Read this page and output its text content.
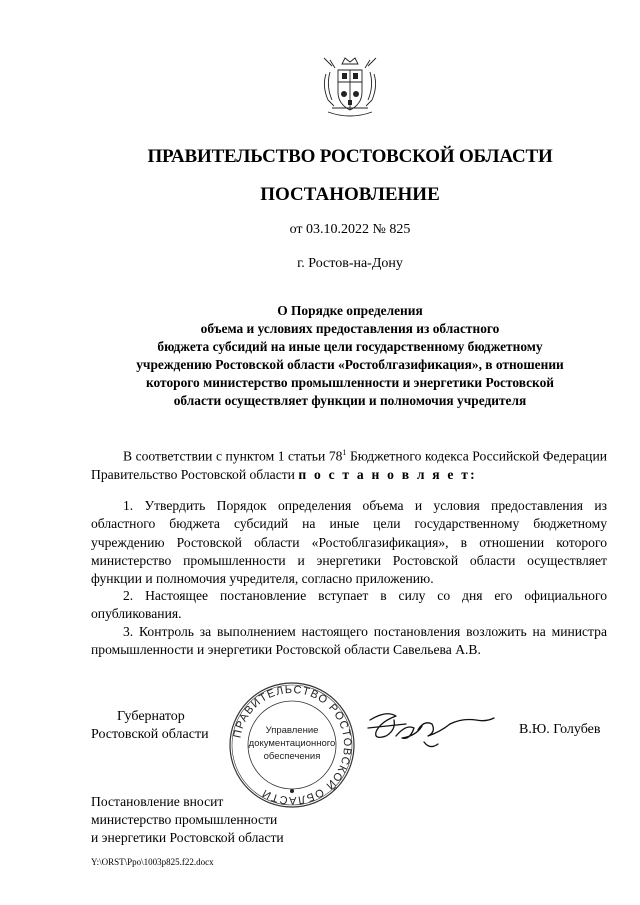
ПРАВИТЕЛЬСТВО РОСТОВСКОЙ ОБЛАСТИ
ПОСТАНОВЛЕНИЕ
от 03.10.2022 № 825
г. Ростов-на-Дону
О Порядке определения
объема и условиях предоставления из областного
бюджета субсидий на иные цели государственному бюджетному
учреждению Ростовской области «Ростоблгазификация», в отношении
которого министерство промышленности и энергетики Ростовской
области осуществляет функции и полномочия учредителя
В соответствии с пунктом 1 статьи $78^1$ Бюджетного кодекса Российской Федерации Правительство Ростовской области п о с т а н о в л я е т:
1. Утвердить Порядок определения объема и условия предоставления из областного бюджета субсидий на иные цели государственному бюджетному учреждению Ростовской области «Ростоблгазификация», в отношении которого министерство промышленности и энергетики Ростовской области осуществляет функции и полномочия учредителя, согласно приложению.
2. Настоящее постановление вступает в силу со дня его официального опубликования.
3. Контроль за выполнением настоящего постановления возложить на министра промышленности и энергетики Ростовской области Савельева А.В.
Губернатор
Ростовской области ПРАВИТЕЛЬСТВО РОСТОВСКОЙ ОБЛАСТИ
Управление
документационного
обеспечения
В.Ю. Голубев
Постановление вносит
министерство промышленности
и энергетики Ростовской области
Y:\ORST\Ppo\1003p825.f22.docx
